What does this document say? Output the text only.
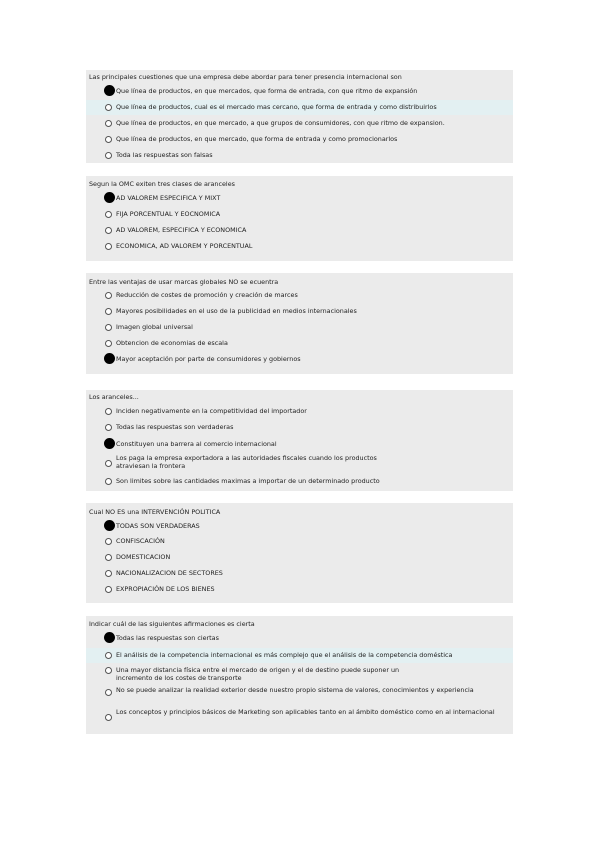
Las principales cuestiones que una empresa debe abordar para tener presencia internacional son
Que línea de productos, en que mercados, que forma de entrada, con que ritmo de expansión
Que línea de productos, cual es el mercado mas cercano, que forma de entrada y como distribuirlos
Que línea de productos, en que mercado, a que grupos de consumidores, con que ritmo de expansion.
Que línea de productos, en que mercado, que forma de entrada y como promocionarlos
Toda las respuestas son falsas
Segun la OMC exiten tres clases de aranceles
AD VALOREM ESPECIFICA Y MIXT
FIJA PORCENTUAL Y EOCNOMICA
AD VALOREM, ESPECIFICA Y ECONOMICA
ECONOMICA, AD VALOREM Y PORCENTUAL
Entre las ventajas de usar marcas globales NO se ecuentra
Reducción de costes de promoción y creación de marces
Mayores posibilidades en el uso de la publicidad en medios internacionales
Imagen global universal
Obtencion de economias de escala
Mayor aceptación por parte de consumidores y gobiernos
Los aranceles...
Inciden negativamente en la competitividad del importador
Todas las respuestas son verdaderas
Constituyen una barrera al comercio internacional
Los paga la empresa exportadora a las autoridades fiscales cuando los productos atraviesan la frontera
Son limites sobre las cantidades maximas a importar de un determinado producto
Cual NO ES una INTERVENCIÓN POLITICA
TODAS SON VERDADERAS
CONFISCACIÓN
DOMESTICACION
NACIONALIZACION DE SECTORES
EXPROPIACIÓN DE LOS BIENES
Indicar cuál de las siguientes afirmaciones es cierta
Todas las respuestas son ciertas
El análisis de la competencia internacional es más complejo que el análisis de la competencia doméstica
Una mayor distancia física entre el mercado de origen y el de destino puede suponer un incremento de los costes de transporte
No se puede analizar la realidad exterior desde nuestro propio sistema de valores, conocimientos y experiencia
Los conceptos y principios básicos de Marketing son aplicables tanto en al ámbito doméstico como en al internacional
